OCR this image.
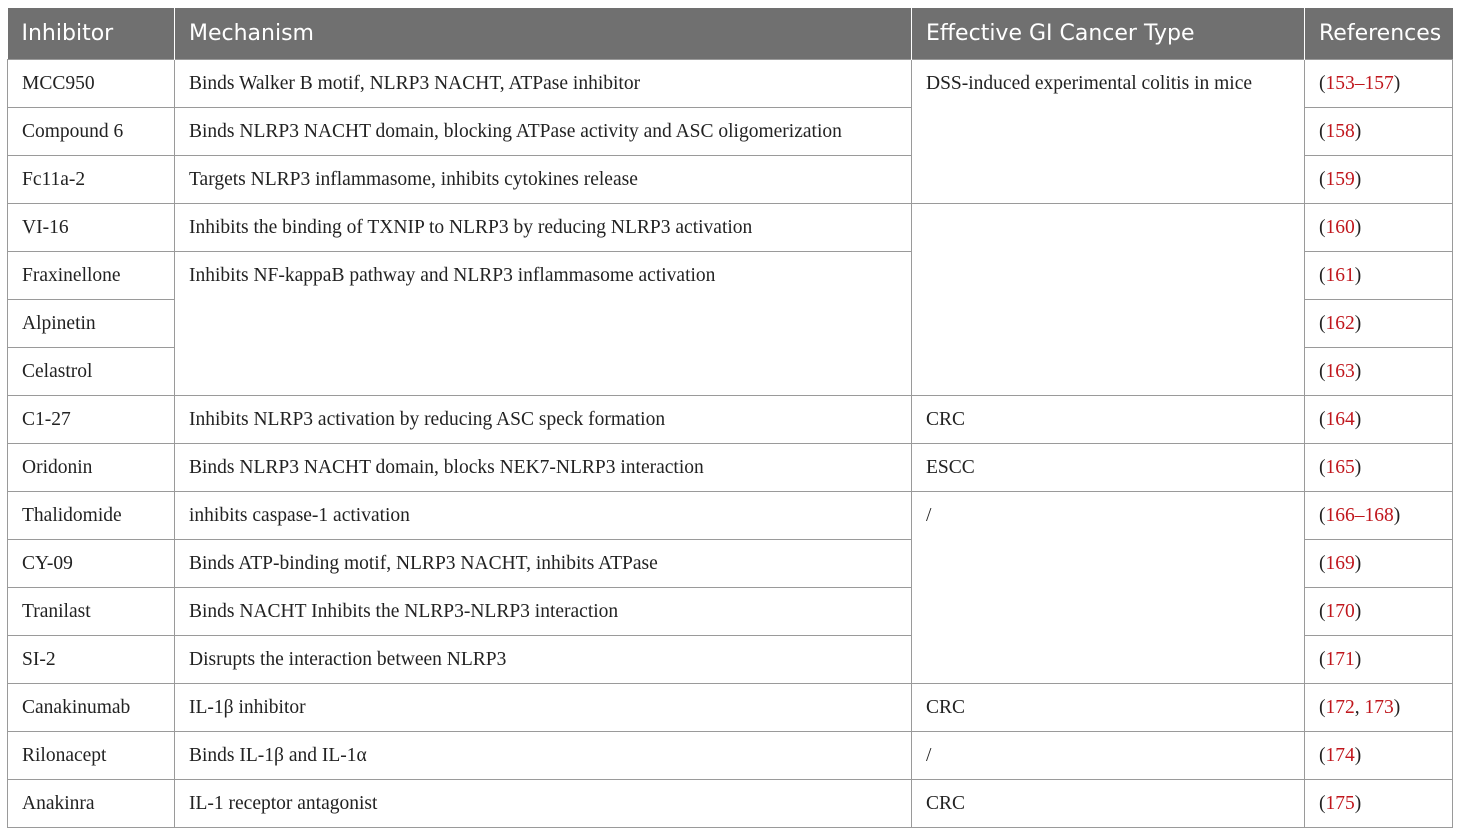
Inhibitor	Mechanism	Effective GI Cancer Type	References
MCC950	Binds Walker B motif, NLRP3 NACHT, ATPase inhibitor	DSS-induced experimental colitis in mice	(153–157)
Compound 6	Binds NLRP3 NACHT domain, blocking ATPase activity and ASC oligomerization		(158)
Fc11a-2	Targets NLRP3 inflammasome, inhibits cytokines release		(159)
VI-16	Inhibits the binding of TXNIP to NLRP3 by reducing NLRP3 activation		(160)
Fraxinellone	Inhibits NF-kappaB pathway and NLRP3 inflammasome activation		(161)
Alpinetin			(162)
Celastrol			(163)
C1-27	Inhibits NLRP3 activation by reducing ASC speck formation	CRC	(164)
Oridonin	Binds NLRP3 NACHT domain, blocks NEK7-NLRP3 interaction	ESCC	(165)
Thalidomide	inhibits caspase-1 activation	/	(166–168)
CY-09	Binds ATP-binding motif, NLRP3 NACHT, inhibits ATPase		(169)
Tranilast	Binds NACHT Inhibits the NLRP3-NLRP3 interaction		(170)
SI-2	Disrupts the interaction between NLRP3		(171)
Canakinumab	IL-1β inhibitor	CRC	(172, 173)
Rilonacept	Binds IL-1β and IL-1α	/	(174)
Anakinra	IL-1 receptor antagonist	CRC	(175)
